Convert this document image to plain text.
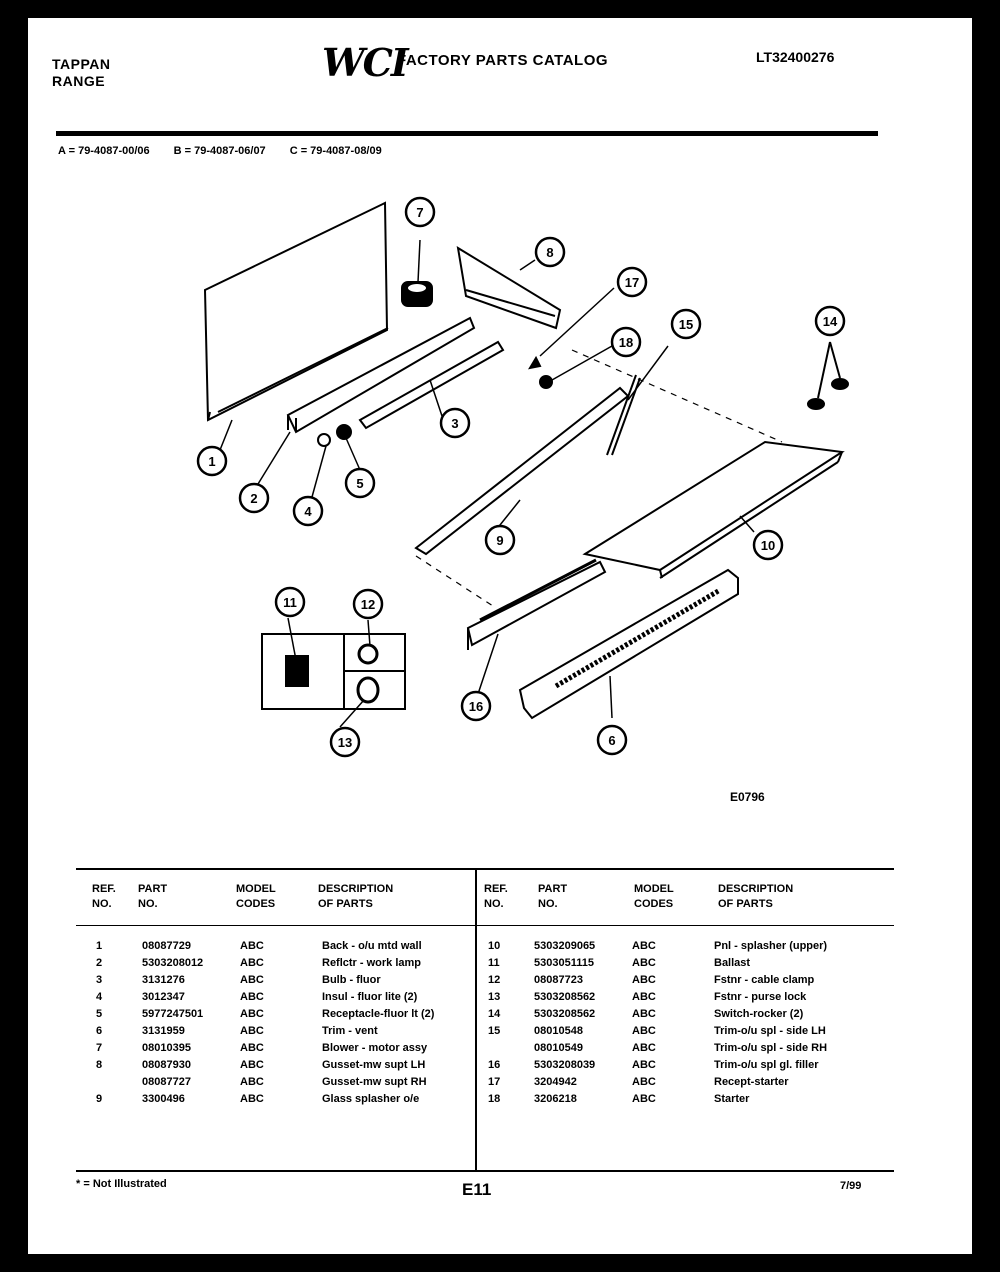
TAPPAN
RANGE	WCI
FACTORY PARTS CATALOG	LT32400276
A = 79-4087-00/06 B = 79-4087-06/07 C = 79-4087-08/09
1
2
3
4
5
6
7
8
9	10
11	12
13
14
15
16
17
18
E0796
REF. NO.
PART NO.
MODEL CODES
DESCRIPTION OF PARTS
REF. NO.
PART NO.
MODEL CODES
DESCRIPTION OF PARTS
1	08087729	ABC	Back - o/u mtd wall
2	5303208012	ABC	Reflctr - work lamp
3	3131276	ABC	Bulb - fluor
4	3012347	ABC	Insul - fluor lite (2)
5	5977247501	ABC	Receptacle-fluor lt (2)
6	3131959	ABC	Trim - vent
7	08010395	ABC	Blower - motor assy
8	08087930	ABC	Gusset-mw supt LH
08087727	ABC	Gusset-mw supt RH
9	3300496	ABC	Glass splasher o/e
10	5303209065	ABC	Pnl - splasher (upper)
11	5303051115	ABC	Ballast
12	08087723	ABC	Fstnr - cable clamp
13	5303208562	ABC	Fstnr - purse lock
14	5303208562	ABC	Switch-rocker (2)
15	08010548	ABC	Trim-o/u spl - side LH
08010549	ABC	Trim-o/u spl - side RH
16	5303208039	ABC	Trim-o/u spl gl. filler
17	3204942	ABC	Recept-starter
18	3206218	ABC	Starter
* = Not Illustrated	E11	7/99
